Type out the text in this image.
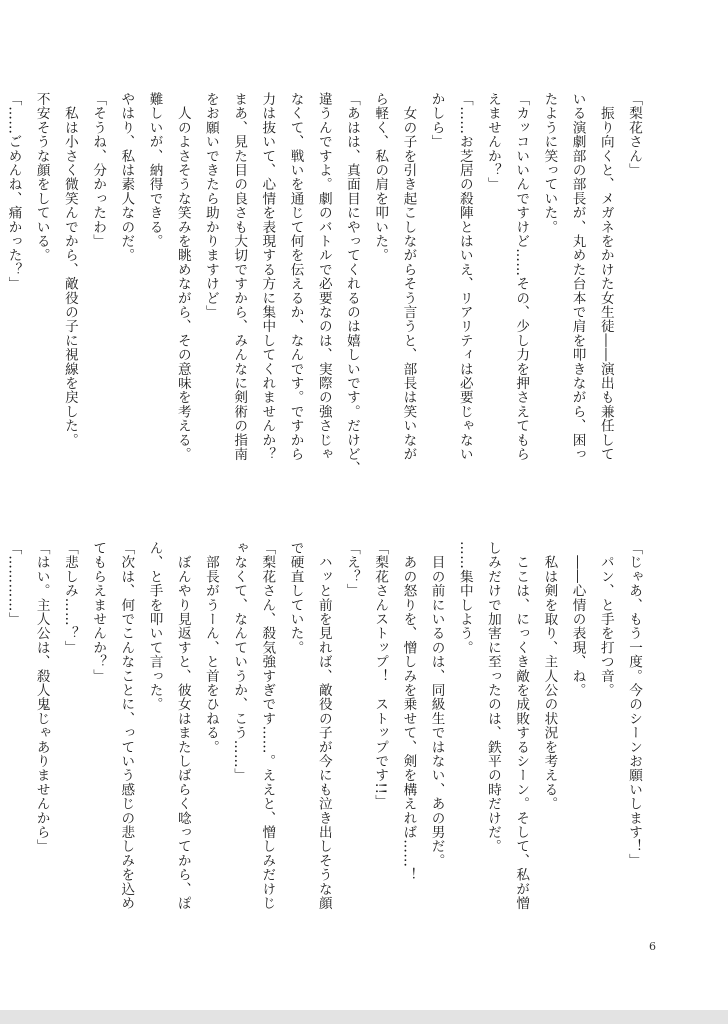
「梨花さん」
　振り向くと、メガネをかけた女生徒――演出も兼任して
いる演劇部の部長が、丸めた台本で肩を叩きながら、困っ
たように笑っていた。
「カッコいいんですけど……その、少し力を押さえてもら
えませんか？」
「……お芝居の殺陣とはいえ、リアリティは必要じゃない
かしら」
　女の子を引き起こしながらそう言うと、部長は笑いなが
ら軽く、私の肩を叩いた。
「あはは、真面目にやってくれるのは嬉しいです。だけど、
違うんですよ。劇のバトルで必要なのは、実際の強さじゃ
なくて、戦いを通じて何を伝えるか、なんです。ですから
力は抜いて、心情を表現する方に集中してくれませんか？
まあ、見た目の良さも大切ですから、みんなに剣術の指南
をお願いできたら助かりますけど」
　人のよさそうな笑みを眺めながら、その意味を考える。
難しいが、納得できる。
やはり、私は素人なのだ。
「そうね、分かったわ」
　私は小さく微笑んでから、敵役の子に視線を戻した。
不安そうな顔をしている。
「……ごめんね、痛かった？」
「じゃあ、もう一度。今のシーンお願いします！」
　パン、と手を打つ音。
　――心情の表現、ね。
　私は剣を取り、主人公の状況を考える。
　ここは、にっくき敵を成敗するシーン。そして、私が憎
しみだけで加害に至ったのは、鉄平の時だけだ。
……集中しよう。
　目の前にいるのは、同級生ではない、あの男だ。
　あの怒りを、憎しみを乗せて、剣を構えれば……！
「梨花さんストップ！　ストップです!!」
「え？」
　ハッと前を見れば、敵役の子が今にも泣き出しそうな顔
で硬直していた。
「梨花さん、殺気強すぎです……。ええと、憎しみだけじ
ゃなくて、なんていうか、こう……」
　部長がうーん、と首をひねる。
　ぼんやり見返すと、彼女はまたしばらく唸ってから、ぽ
ん、と手を叩いて言った。
「次は、何でこんなことに、っていう感じの悲しみを込め
てもらえませんか？」
「悲しみ……？」
「はい。主人公は、殺人鬼じゃありませんから」
「…………」
6
